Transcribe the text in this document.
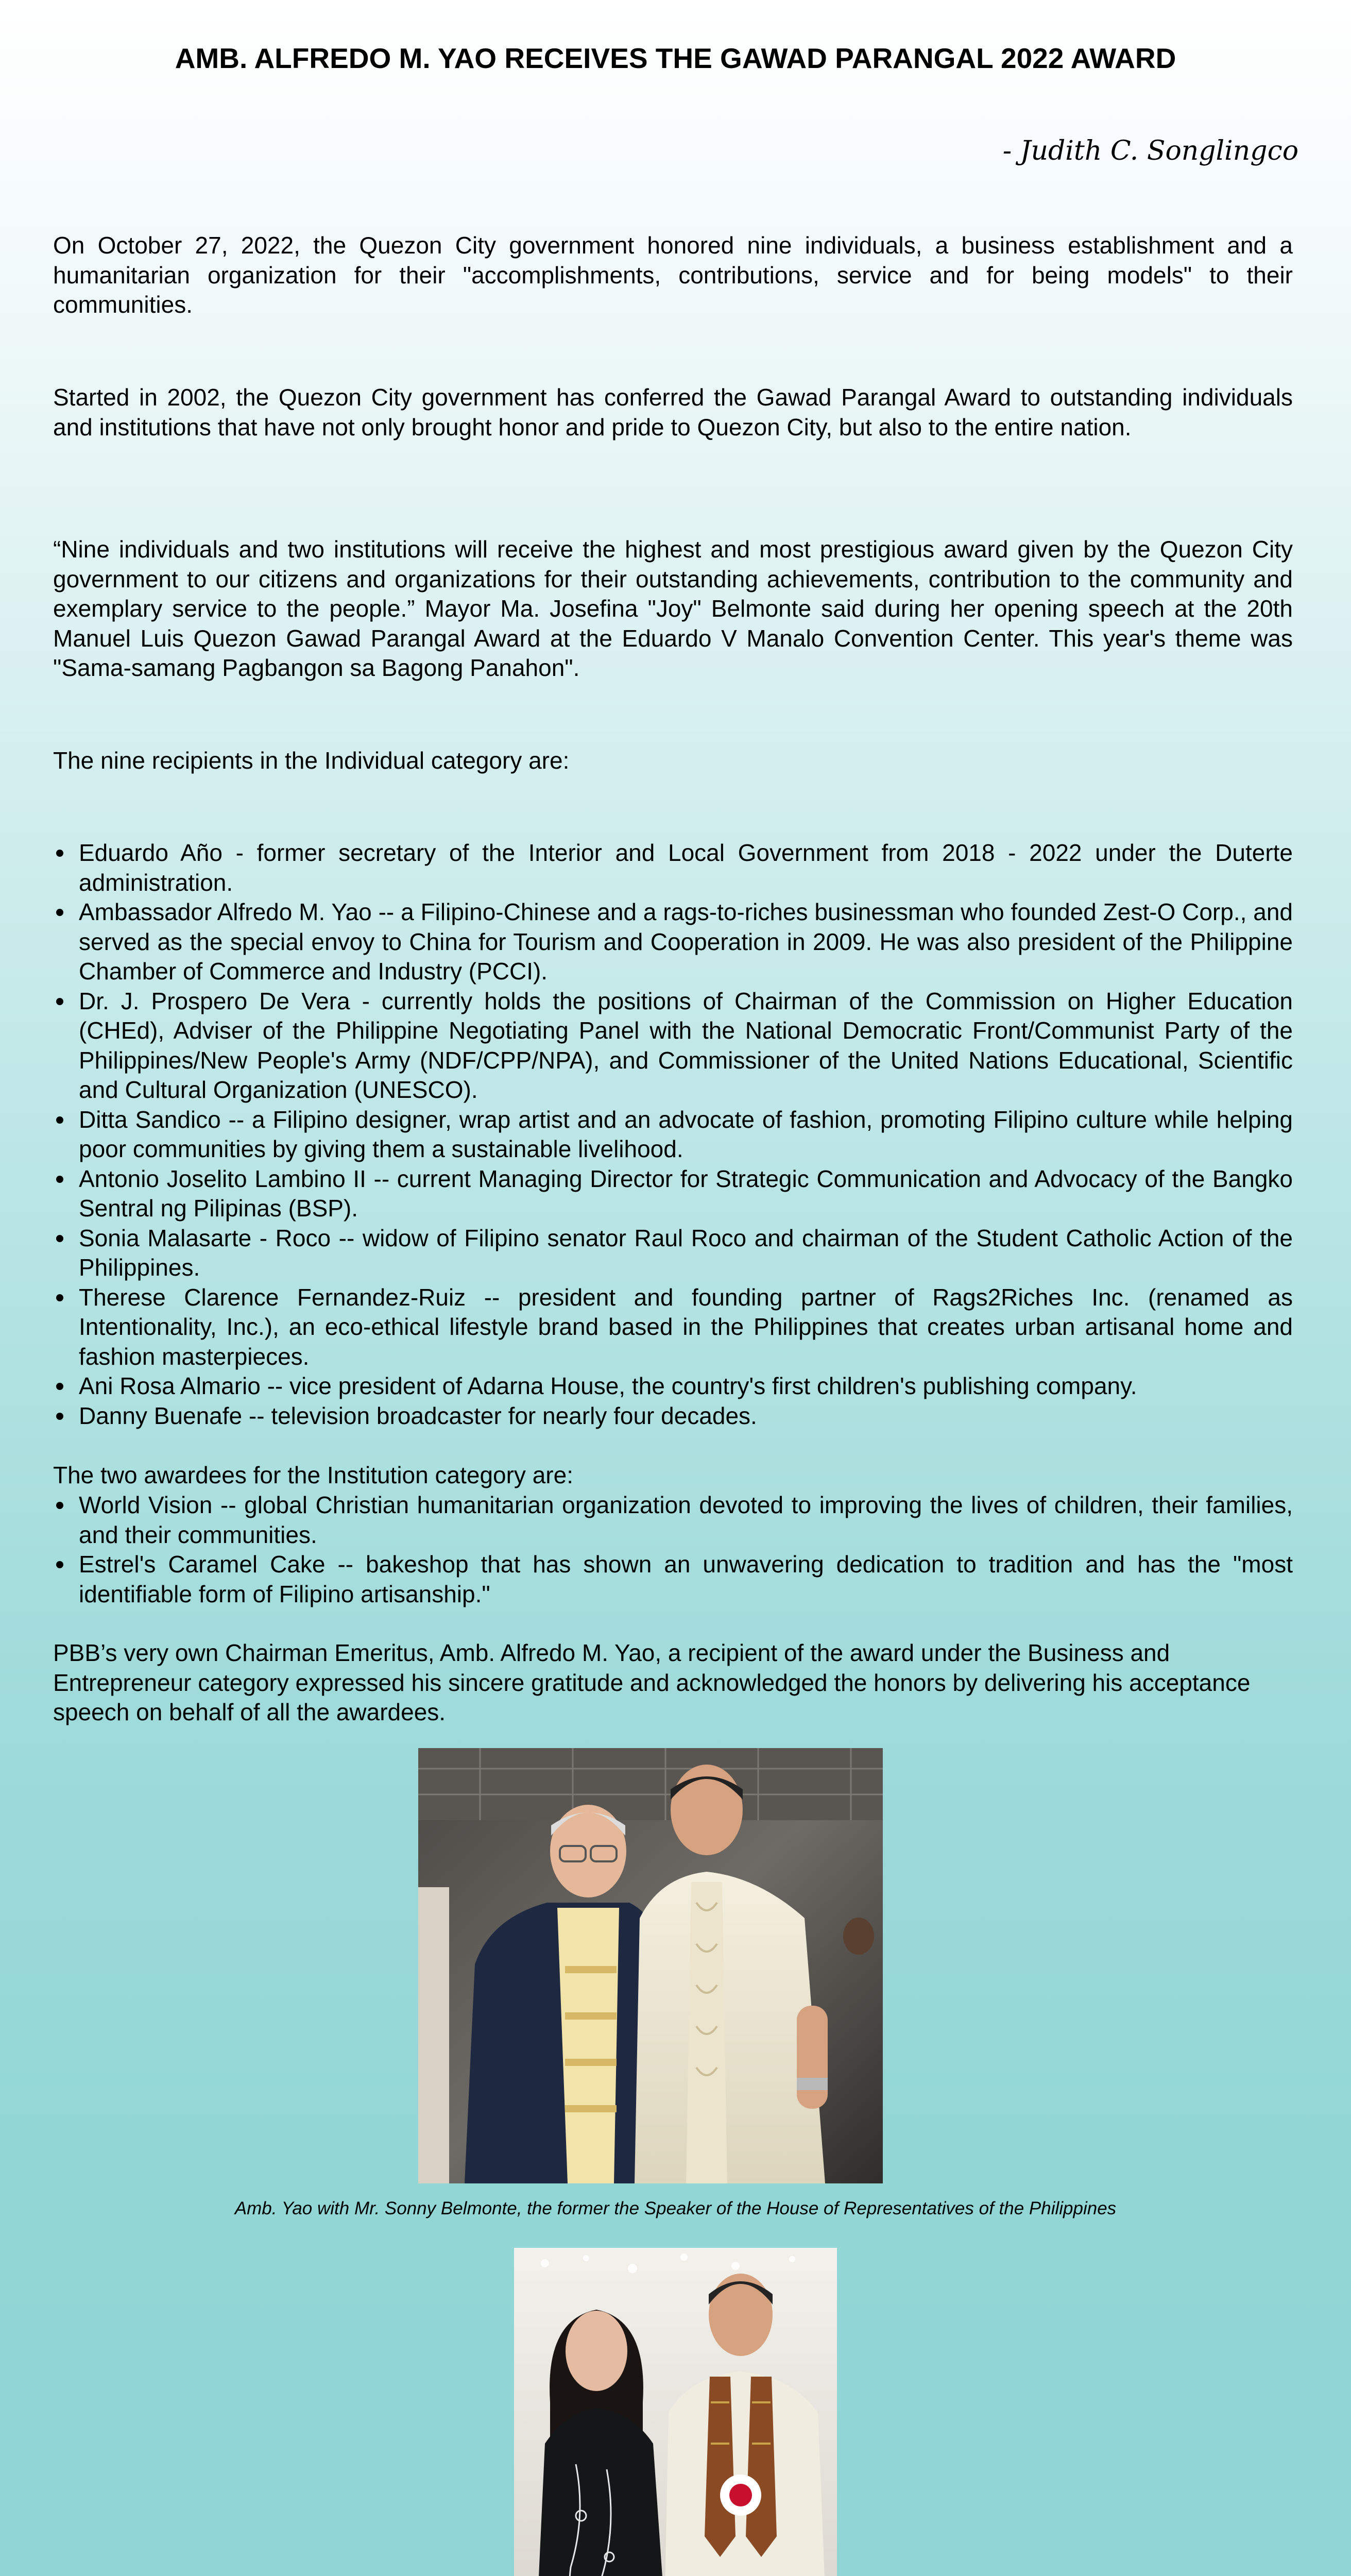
AMB. ALFREDO M. YAO RECEIVES THE GAWAD PARANGAL 2022 AWARD
- Judith C. Songlingco

On October 27, 2022, the Quezon City government honored nine individuals, a business establishment and a humanitarian organization for their "accomplishments, contributions, service and for being models" to their communities.

Started in 2002, the Quezon City government has conferred the Gawad Parangal Award to outstanding individuals and institutions that have not only brought honor and pride to Quezon City, but also to the entire nation.

“Nine individuals and two institutions will receive the highest and most prestigious award given by the Quezon City government to our citizens and organizations for their outstanding achievements, contribution to the community and exemplary service to the people.” Mayor Ma. Josefina "Joy" Belmonte said during her opening speech at the 20th Manuel Luis Quezon Gawad Parangal Award at the Eduardo V Manalo Convention Center. This year's theme was "Sama-samang Pagbangon sa Bagong Panahon".

The nine recipients in the Individual category are:

Eduardo Año - former secretary of the Interior and Local Government from 2018 - 2022 under the Duterte administration.
Ambassador Alfredo M. Yao -- a Filipino-Chinese and a rags-to-riches businessman who founded Zest-O Corp., and served as the special envoy to China for Tourism and Cooperation in 2009. He was also president of the Philippine Chamber of Commerce and Industry (PCCI).
Dr. J. Prospero De Vera - currently holds the positions of Chairman of the Commission on Higher Education (CHEd), Adviser of the Philippine Negotiating Panel with the National Democratic Front/Communist Party of the Philippines/New People's Army (NDF/CPP/NPA), and Commissioner of the United Nations Educational, Scientific and Cultural Organization (UNESCO).
Ditta Sandico -- a Filipino designer, wrap artist and an advocate of fashion, promoting Filipino culture while helping poor communities by giving them a sustainable livelihood.
Antonio Joselito Lambino II -- current Managing Director for Strategic Communication and Advocacy of the Bangko Sentral ng Pilipinas (BSP).
Sonia Malasarte - Roco -- widow of Filipino senator Raul Roco and chairman of the Student Catholic Action of the Philippines.
Therese Clarence Fernandez-Ruiz -- president and founding partner of Rags2Riches Inc. (renamed as Intentionality, Inc.), an eco-ethical lifestyle brand based in the Philippines that creates urban artisanal home and fashion masterpieces.
Ani Rosa Almario -- vice president of Adarna House, the country's first children's publishing company.
Danny Buenafe -- television broadcaster for nearly four decades.

The two awardees for the Institution category are:

World Vision -- global Christian humanitarian organization devoted to improving the lives of children, their families, and their communities.
Estrel's Caramel Cake -- bakeshop that has shown an unwavering dedication to tradition and has the "most identifiable form of Filipino artisanship."

PBB’s very own Chairman Emeritus, Amb. Alfredo M. Yao, a recipient of the award under the Business and Entrepreneur category expressed his sincere gratitude and acknowledged the honors by delivering his acceptance speech on behalf of all the awardees.

Amb. Yao with Mr. Sonny Belmonte, the former the Speaker of the House of Representatives of the Philippines
